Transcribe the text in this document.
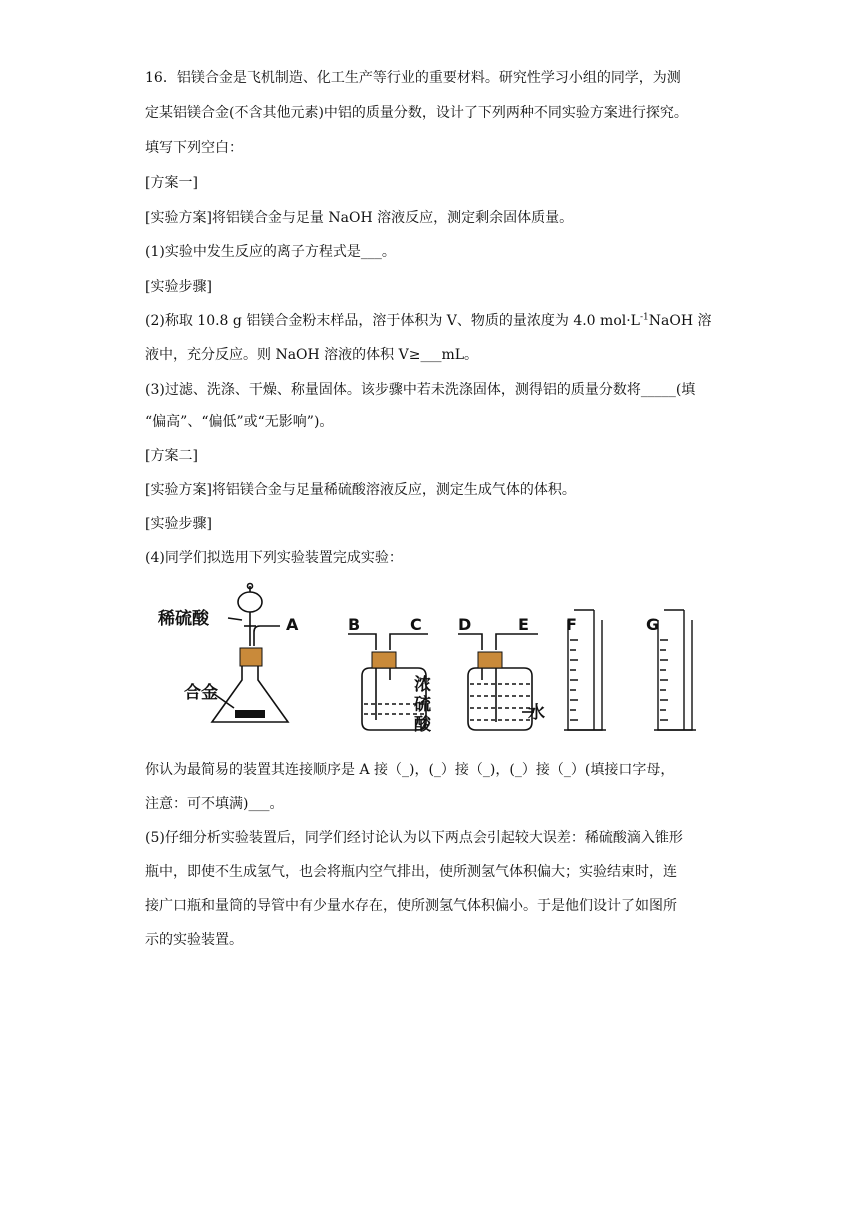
16．铝镁合金是飞机制造、化工生产等行业的重要材料。研究性学习小组的同学，为测
定某铝镁合金(不含其他元素)中铝的质量分数，设计了下列两种不同实验方案进行探究。
填写下列空白：
[方案一]
[实验方案]将铝镁合金与足量 NaOH 溶液反应，测定剩余固体质量。
(1)实验中发生反应的离子方程式是___。
[实验步骤]
(2)称取 10.8 g 铝镁合金粉末样品，溶于体积为 V、物质的量浓度为 4.0 $mol\cdot L^{-1}NaOH$ 溶
液中，充分反应。则 NaOH 溶液的体积 V≥___mL。
(3)过滤、洗涤、干燥、称量固体。该步骤中若未洗涤固体，测得铝的质量分数将_____(填
“偏高”、“偏低”或“无影响”)。
[方案二]
[实验方案]将铝镁合金与足量稀硫酸溶液反应，测定生成气体的体积。
[实验步骤]
(4)同学们拟选用下列实验装置完成实验：
稀硫酸
合金
A	B	C
浓
硫
酸
D	E
水
F	G
你认为最简易的装置其连接顺序是 A 接（_)，(_）接（_)，(_）接（_）(填接口字母，
注意：可不填满)___。
(5)仔细分析实验装置后，同学们经讨论认为以下两点会引起较大误差：稀硫酸滴入锥形
瓶中，即使不生成氢气，也会将瓶内空气排出，使所测氢气体积偏大；实验结束时，连
接广口瓶和量筒的导管中有少量水存在，使所测氢气体积偏小。于是他们设计了如图所
示的实验装置。
